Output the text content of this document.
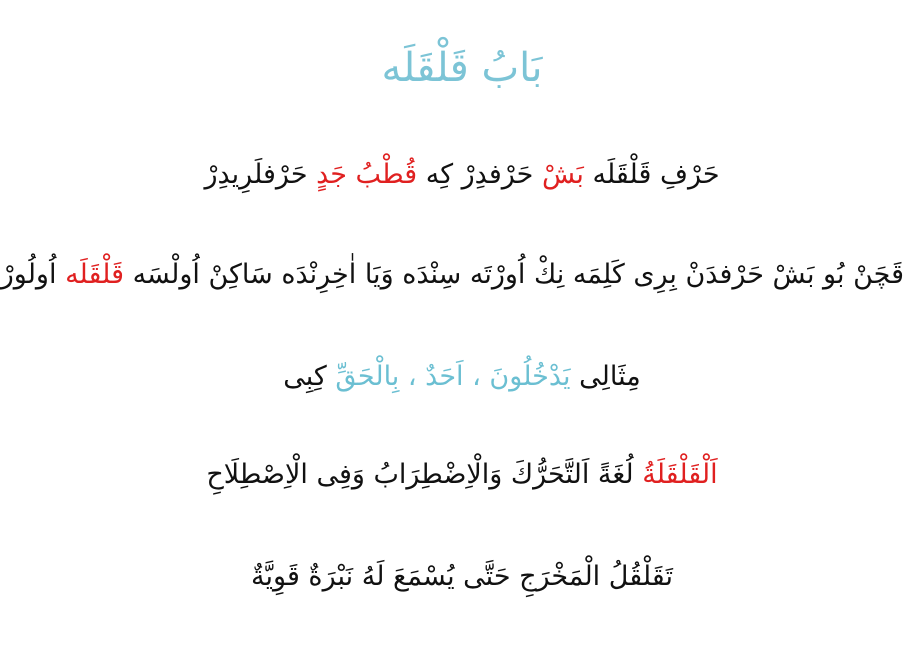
بَابُ قَلْقَلَه
حَرْفِ قَلْقَلَه بَشْ حَرْفدِرْ كِه قُطْبُ جَدٍ حَرْفلَرِيدِرْ
قَچَنْ بُو بَشْ حَرْفدَنْ بِرِى كَلِمَه نِكْ اُورْتَه سِنْدَه وَيَا اٰخِرِنْدَه سَاكِنْ اُولْسَه قَلْقَلَه اُولُورْ
مِثَالِى يَدْخُلُونَ ، اَحَدٌ ، بِالْحَقِّ كِبِى
اَلْقَلْقَلَةُ لُغَةً اَلتَّحَرُّكَ وَالْاِضْطِرَابُ وَفِى الْاِصْطِلَاحِ
تَقَلْقُلُ الْمَخْرَجِ حَتَّى يُسْمَعَ لَهُ نَبْرَةٌ قَوِيَّةٌ
